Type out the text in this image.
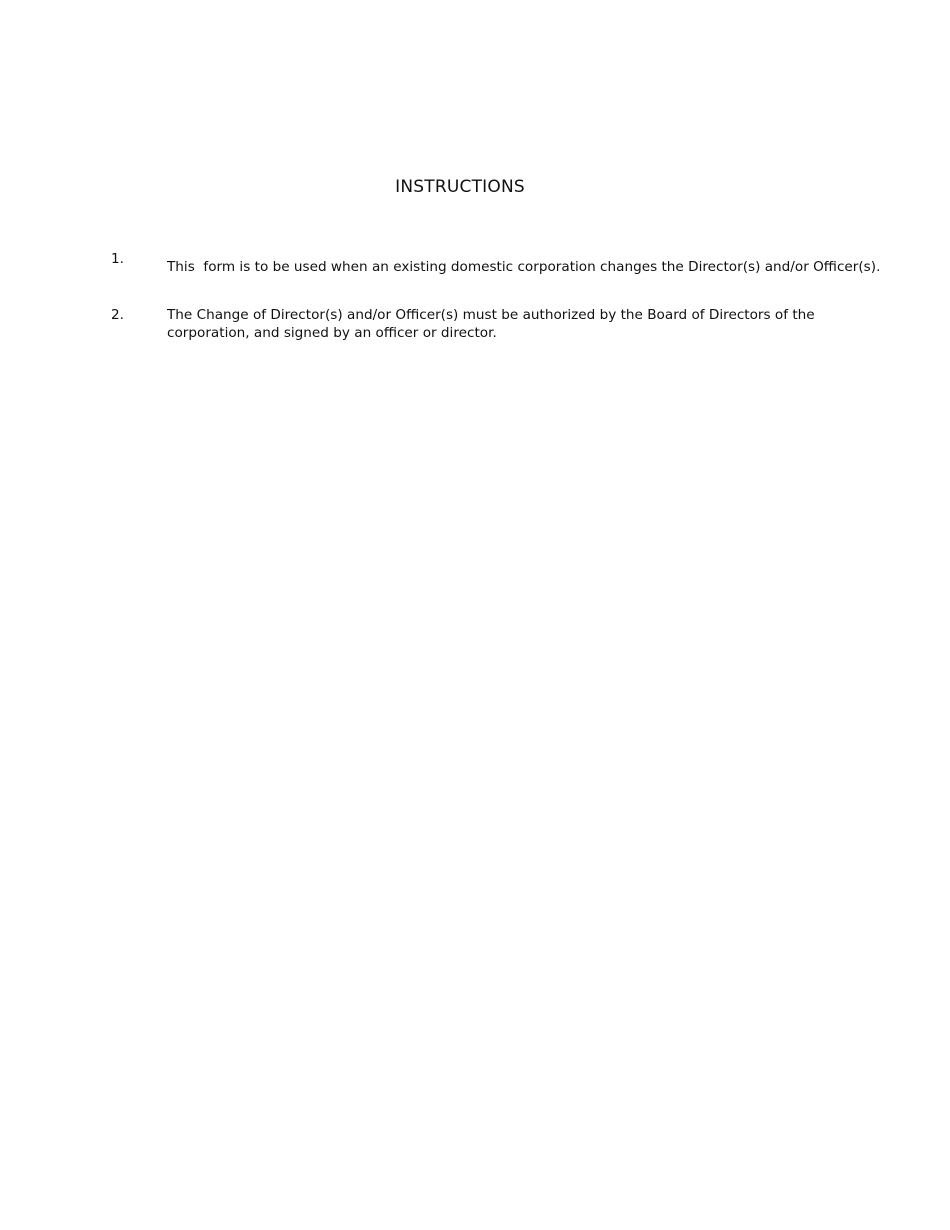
INSTRUCTIONS
1.	This  form is to be used when an existing domestic corporation changes the Director(s) and/or Officer(s).
2.	The Change of Director(s) and/or Officer(s) must be authorized by the Board of Directors of the corporation, and signed by an officer or director.
